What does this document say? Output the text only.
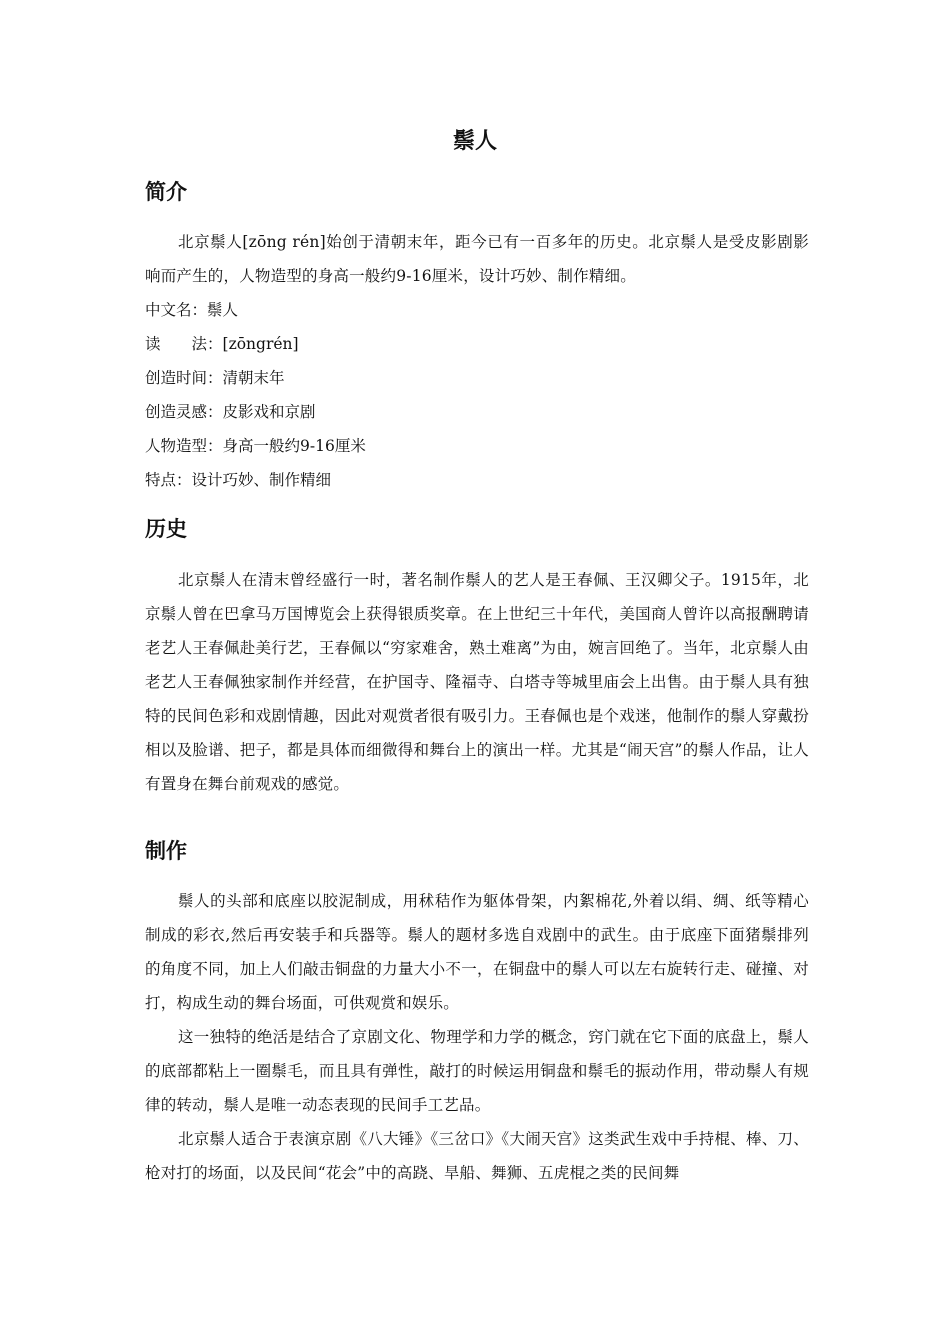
鬃人
简介

北京鬃人[zōng rén]始创于清朝末年，距今已有一百多年的历史。北京鬃人是受皮影剧影响而产生的，人物造型的身高一般约9-16厘米，设计巧妙、制作精细。

中文名：鬃人

读　　法：[zōngrén]

创造时间：清朝末年

创造灵感：皮影戏和京剧

人物造型：身高一般约9-16厘米

特点：设计巧妙、制作精细

历史

北京鬃人在清末曾经盛行一时，著名制作鬃人的艺人是王春佩、王汉卿父子。1915年，北京鬃人曾在巴拿马万国博览会上获得银质奖章。在上世纪三十年代，美国商人曾许以高报酬聘请老艺人王春佩赴美行艺，王春佩以“穷家难舍，熟土难离”为由，婉言回绝了。当年，北京鬃人由老艺人王春佩独家制作并经营，在护国寺、隆福寺、白塔寺等城里庙会上出售。由于鬃人具有独特的民间色彩和戏剧情趣，因此对观赏者很有吸引力。王春佩也是个戏迷，他制作的鬃人穿戴扮相以及脸谱、把子，都是具体而细微得和舞台上的演出一样。尤其是“闹天宫”的鬃人作品，让人有置身在舞台前观戏的感觉。

制作

鬃人的头部和底座以胶泥制成，用秫秸作为躯体骨架，内絮棉花,外着以绢、绸、纸等精心制成的彩衣,然后再安装手和兵器等。鬃人的题材多选自戏剧中的武生。由于底座下面猪鬃排列的角度不同，加上人们敲击铜盘的力量大小不一，在铜盘中的鬃人可以左右旋转行走、碰撞、对打，构成生动的舞台场面，可供观赏和娱乐。

这一独特的绝活是结合了京剧文化、物理学和力学的概念，窍门就在它下面的底盘上，鬃人的底部都粘上一圈鬃毛，而且具有弹性，敲打的时候运用铜盘和鬃毛的振动作用，带动鬃人有规律的转动，鬃人是唯一动态表现的民间手工艺品。

北京鬃人适合于表演京剧《八大锤》《三岔口》《大闹天宫》这类武生戏中手持棍、棒、刀、枪对打的场面，以及民间“花会”中的高跷、旱船、舞狮、五虎棍之类的民间舞
